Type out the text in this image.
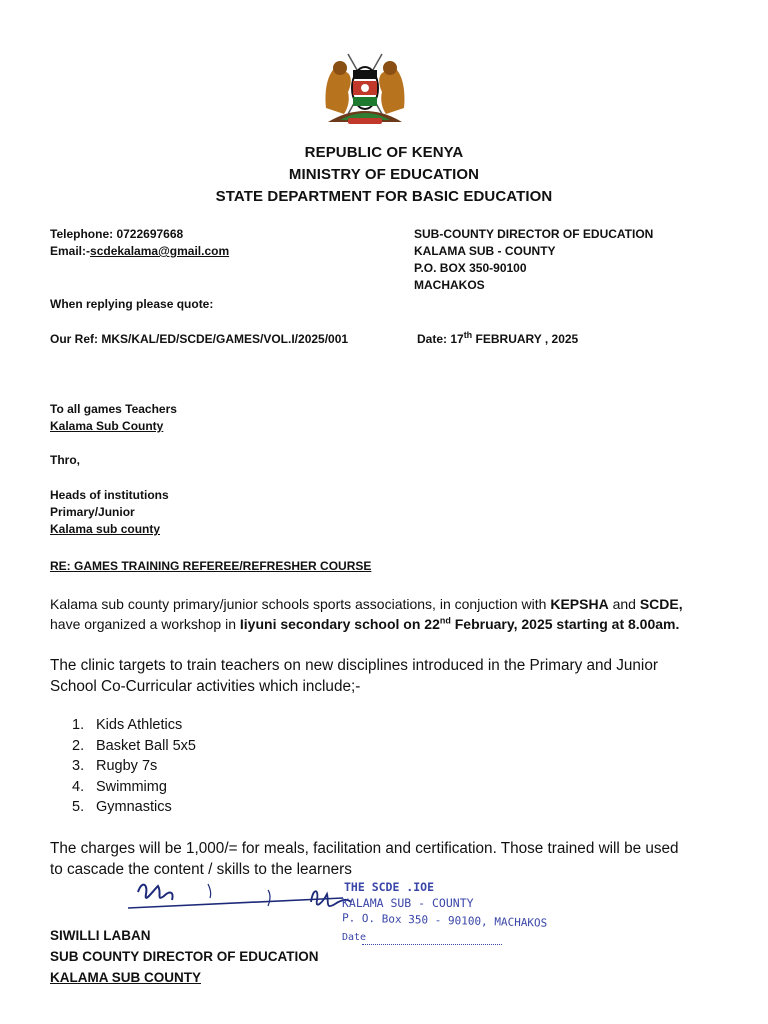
REPUBLIC OF KENYA
MINISTRY OF EDUCATION
STATE DEPARTMENT FOR BASIC EDUCATION
Telephone: 0722697668
Email:-scdekalama@gmail.com
SUB-COUNTY DIRECTOR OF EDUCATION
KALAMA SUB - COUNTY
P.O. BOX 350-90100
MACHAKOS
When replying please quote:
Our Ref: MKS/KAL/ED/SCDE/GAMES/VOL.I/2025/001	Date: 17th FEBRUARY , 2025
To all games Teachers
Kalama Sub County
Thro,
Heads of institutions
Primary/Junior
Kalama sub county
RE: GAMES TRAINING REFEREE/REFRESHER COURSE
Kalama sub county primary/junior schools sports associations, in conjuction with KEPSHA and SCDE,
have organized a workshop in Iiyuni secondary school on 22nd February, 2025 starting at 8.00am.
The clinic targets to train teachers on new disciplines introduced in the Primary and Junior
School Co-Curricular activities which include;-
1. Kids Athletics
2. Basket Ball 5x5
3. Rugby 7s
4. Swimmimg
5. Gymnastics
The charges will be 1,000/= for meals, facilitation and certification. Those trained will be used
to cascade the content / skills to the learners
THE SCDE .IOE
KALAMA SUB - COUNTY
P. O. Box 350 - 90100, MACHAKOS
Date
SIWILLI LABAN
SUB COUNTY DIRECTOR OF EDUCATION
KALAMA SUB COUNTY
